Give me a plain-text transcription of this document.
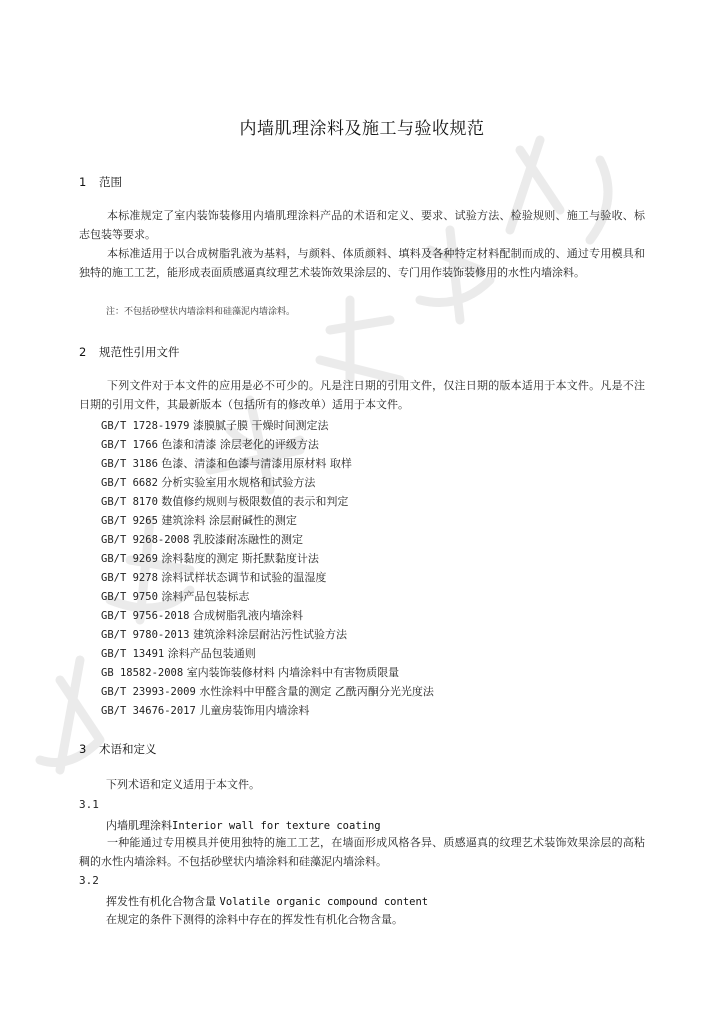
内墙肌理涂料及施工与验收规范
1 范围
本标准规定了室内装饰装修用内墙肌理涂料产品的术语和定义、要求、试验方法、检验规则、施工与验收、标志包装等要求。
本标准适用于以合成树脂乳液为基料，与颜料、体质颜料、填料及各种特定材料配制而成的、通过专用模具和独特的施工工艺，能形成表面质感逼真纹理艺术装饰效果涂层的、专门用作装饰装修用的水性内墙涂料。
注：不包括砂壁状内墙涂料和硅藻泥内墙涂料。
2 规范性引用文件
下列文件对于本文件的应用是必不可少的。凡是注日期的引用文件，仅注日期的版本适用于本文件。凡是不注日期的引用文件，其最新版本（包括所有的修改单）适用于本文件。
GB/T 1728-1979 漆膜腻子膜 干燥时间测定法
GB/T 1766 色漆和清漆 涂层老化的评级方法
GB/T 3186 色漆、清漆和色漆与清漆用原材料 取样
GB/T 6682 分析实验室用水规格和试验方法
GB/T 8170 数值修约规则与极限数值的表示和判定
GB/T 9265 建筑涂料 涂层耐碱性的测定
GB/T 9268-2008 乳胶漆耐冻融性的测定
GB/T 9269 涂料黏度的测定 斯托默黏度计法
GB/T 9278 涂料试样状态调节和试验的温湿度
GB/T 9750 涂料产品包装标志
GB/T 9756-2018 合成树脂乳液内墙涂料
GB/T 9780-2013 建筑涂料涂层耐沾污性试验方法
GB/T 13491 涂料产品包装通则
GB 18582-2008 室内装饰装修材料 内墙涂料中有害物质限量
GB/T 23993-2009 水性涂料中甲醛含量的测定 乙酰丙酮分光光度法
GB/T 34676-2017 儿童房装饰用内墙涂料
3 术语和定义
下列术语和定义适用于本文件。
3.1
内墙肌理涂料Interior wall for texture coating
一种能通过专用模具并使用独特的施工工艺，在墙面形成风格各异、质感逼真的纹理艺术装饰效果涂层的高粘稠的水性内墙涂料。不包括砂壁状内墙涂料和硅藻泥内墙涂料。
3.2
挥发性有机化合物含量 Volatile organic compound content
在规定的条件下测得的涂料中存在的挥发性有机化合物含量。
